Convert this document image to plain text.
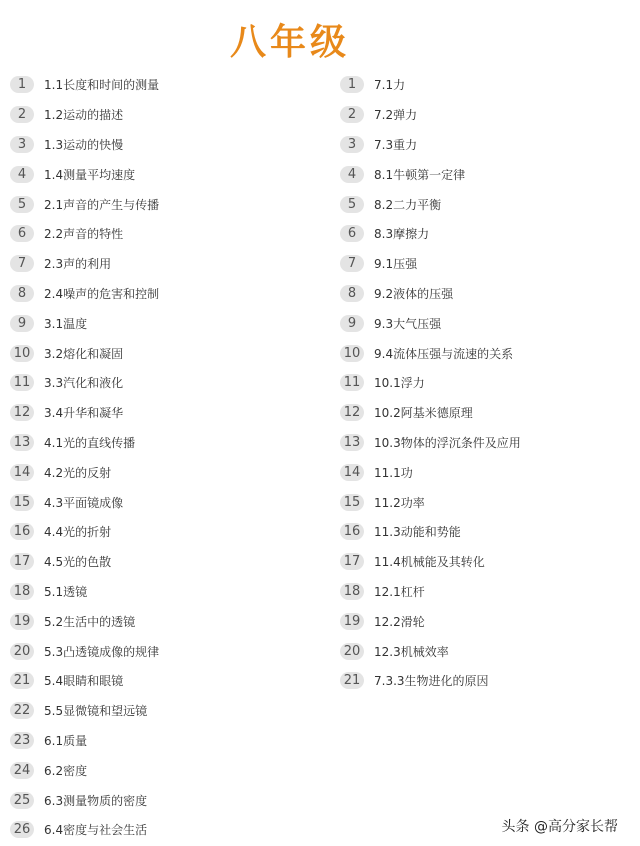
八年级
1	1.1长度和时间的测量
2	1.2运动的描述
3	1.3运动的快慢
4	1.4测量平均速度
5	2.1声音的产生与传播
6	2.2声音的特性
7	2.3声的利用
8	2.4噪声的危害和控制
9	3.1温度
10	3.2熔化和凝固
11	3.3汽化和液化
12	3.4升华和凝华
13	4.1光的直线传播
14	4.2光的反射
15	4.3平面镜成像
16	4.4光的折射
17	4.5光的色散
18	5.1透镜
19	5.2生活中的透镜
20	5.3凸透镜成像的规律
21	5.4眼睛和眼镜
22	5.5显微镜和望远镜
23	6.1质量
24	6.2密度
25	6.3测量物质的密度
26	6.4密度与社会生活
1	7.1力
2	7.2弹力
3	7.3重力
4	8.1牛顿第一定律
5	8.2二力平衡
6	8.3摩擦力
7	9.1压强
8	9.2液体的压强
9	9.3大气压强
10	9.4流体压强与流速的关系
11	10.1浮力
12	10.2阿基米德原理
13	10.3物体的浮沉条件及应用
14	11.1功
15	11.2功率
16	11.3动能和势能
17	11.4机械能及其转化
18	12.1杠杆
19	12.2滑轮
20	12.3机械效率
21	7.3.3生物进化的原因
头条 @高分家长帮
